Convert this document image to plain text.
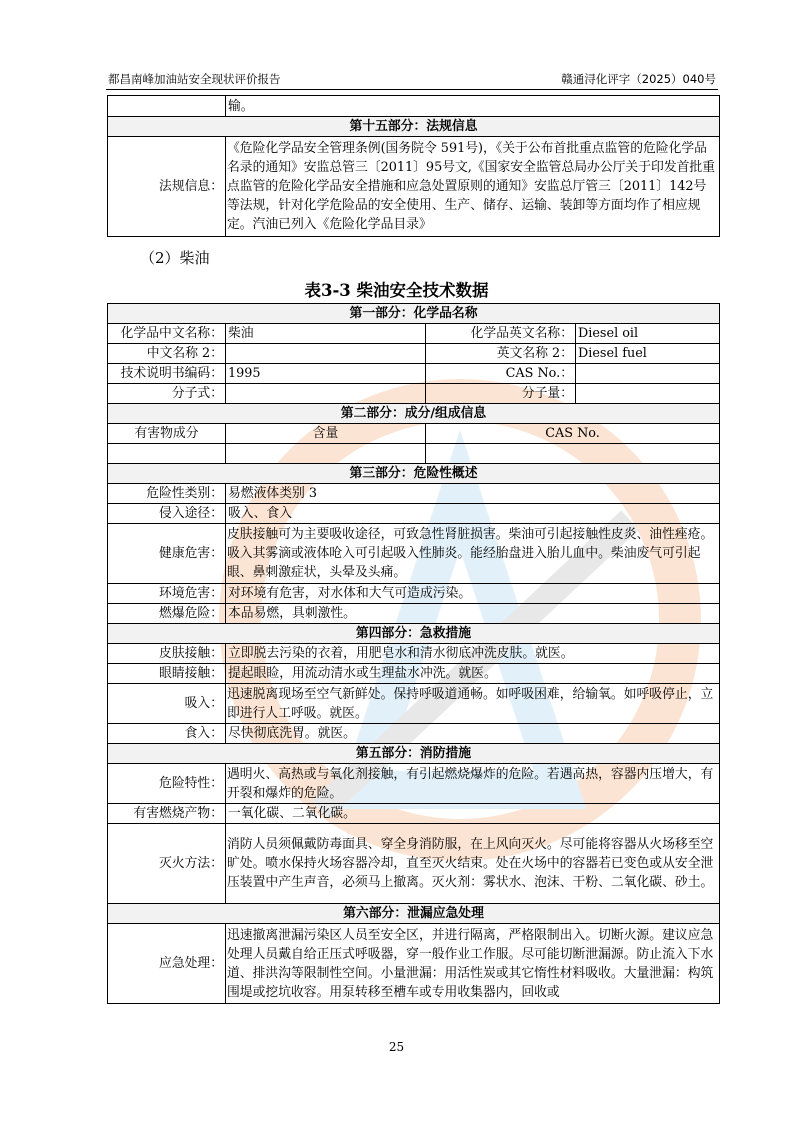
都昌南峰加油站安全现状评价报告	赣通浔化评字（2025）040号
	输。
第十五部分：法规信息	
法规信息：	《危险化学品安全管理条例(国务院令 591号)，《关于公布首批重点监管的危险化学品名录的通知》安监总管三〔2011〕95号文,《国家安全监管总局办公厅关于印发首批重点监管的危险化学品安全措施和应急处置原则的通知》安监总厅管三〔2011〕142号等法规，针对化学危险品的安全使用、生产、储存、运输、装卸等方面均作了相应规定。汽油已列入《危险化学品目录》
（2）柴油
表3-3 柴油安全技术数据
第一部分：化学品名称			
化学品中文名称：	柴油	化学品英文名称：	Diesel oil
中文名称 2：		英文名称 2：	Diesel fuel
技术说明书编码：	1995	CAS No.：	
分子式：		分子量：	
第二部分：成分/组成信息			
有害物成分	含量	CAS No.	

第三部分：危险性概述			
危险性类别：	易燃液体类别 3		
侵入途径：	吸入、食入		
健康危害：	皮肤接触可为主要吸收途径，可致急性肾脏损害。柴油可引起接触性皮炎、油性痤疮。吸入其雾滴或液体呛入可引起吸入性肺炎。能经胎盘进入胎儿血中。柴油废气可引起眼、鼻刺激症状，头晕及头痛。		
环境危害：	对环境有危害，对水体和大气可造成污染。		
燃爆危险：	本品易燃，具刺激性。		
第四部分：急救措施			
皮肤接触：	立即脱去污染的衣着，用肥皂水和清水彻底冲洗皮肤。就医。		
眼睛接触：	提起眼睑，用流动清水或生理盐水冲洗。就医。		
吸入：	迅速脱离现场至空气新鲜处。保持呼吸道通畅。如呼吸困难，给输氧。如呼吸停止，立即进行人工呼吸。就医。		
食入：	尽快彻底洗胃。就医。		
第五部分：消防措施			
危险特性：	遇明火、高热或与氧化剂接触，有引起燃烧爆炸的危险。若遇高热，容器内压增大，有开裂和爆炸的危险。		
有害燃烧产物：	一氧化碳、二氧化碳。		
灭火方法：	消防人员须佩戴防毒面具、穿全身消防服，在上风向灭火。尽可能将容器从火场移至空旷处。喷水保持火场容器冷却，直至灭火结束。处在火场中的容器若已变色或从安全泄压装置中产生声音，必须马上撤离。灭火剂：雾状水、泡沫、干粉、二氧化碳、砂土。		
第六部分：泄漏应急处理			
应急处理：	迅速撤离泄漏污染区人员至安全区，并进行隔离，严格限制出入。切断火源。建议应急处理人员戴自给正压式呼吸器，穿一般作业工作服。尽可能切断泄漏源。防止流入下水道、排洪沟等限制性空间。小量泄漏：用活性炭或其它惰性材料吸收。大量泄漏：构筑围堤或挖坑收容。用泵转移至槽车或专用收集器内，回收或		
25
